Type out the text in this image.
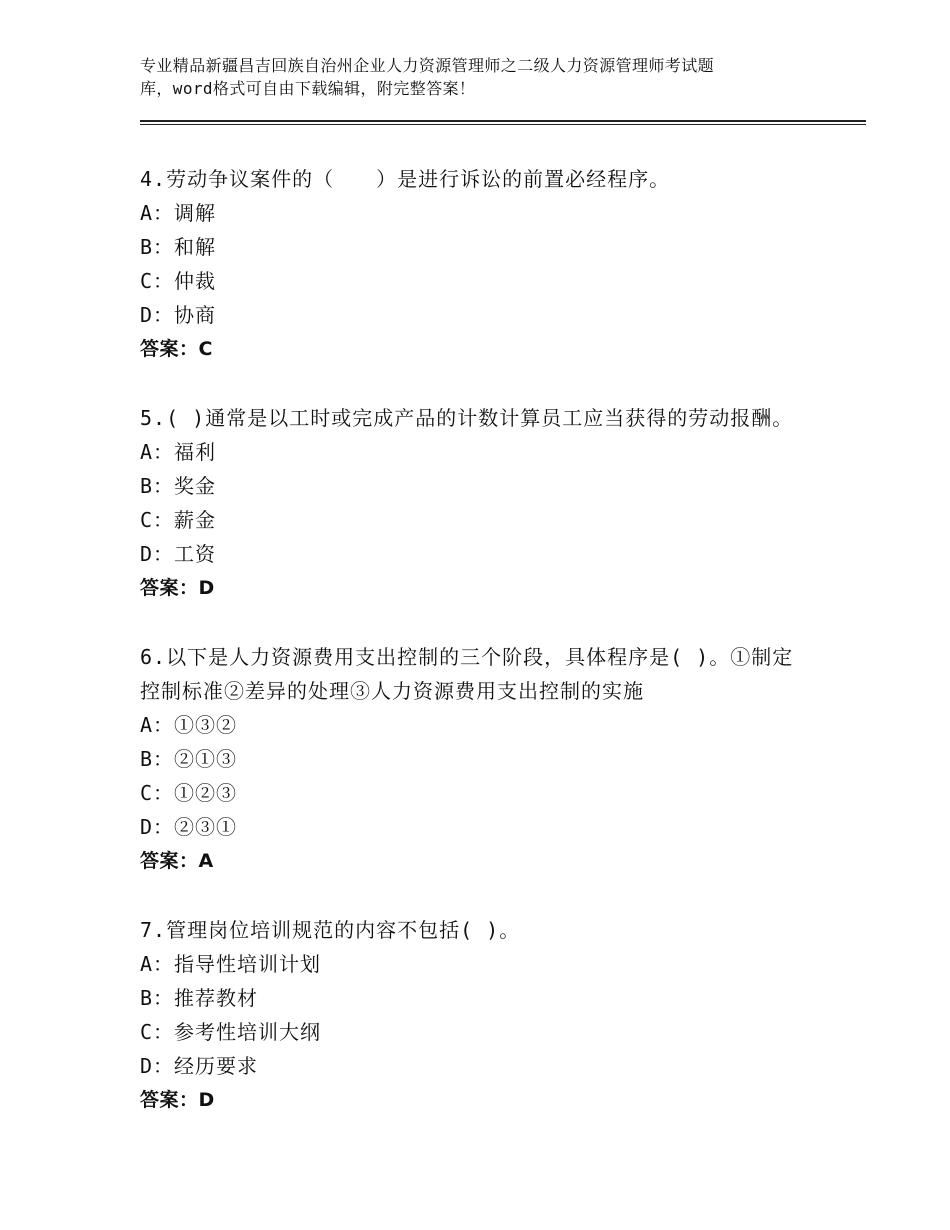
专业精品新疆昌吉回族自治州企业人力资源管理师之二级人力资源管理师考试题
库，word格式可自由下载编辑，附完整答案！
4.劳动争议案件的（　　）是进行诉讼的前置必经程序。
A：调解
B：和解
C：仲裁
D：协商
答案：C
5.( )通常是以工时或完成产品的计数计算员工应当获得的劳动报酬。
A：福利
B：奖金
C：薪金
D：工资
答案：D
6.以下是人力资源费用支出控制的三个阶段，具体程序是( )。①制定
控制标准②差异的处理③人力资源费用支出控制的实施
A：①③②
B：②①③
C：①②③
D：②③①
答案：A
7.管理岗位培训规范的内容不包括( )。
A：指导性培训计划
B：推荐教材
C：参考性培训大纲
D：经历要求
答案：D
